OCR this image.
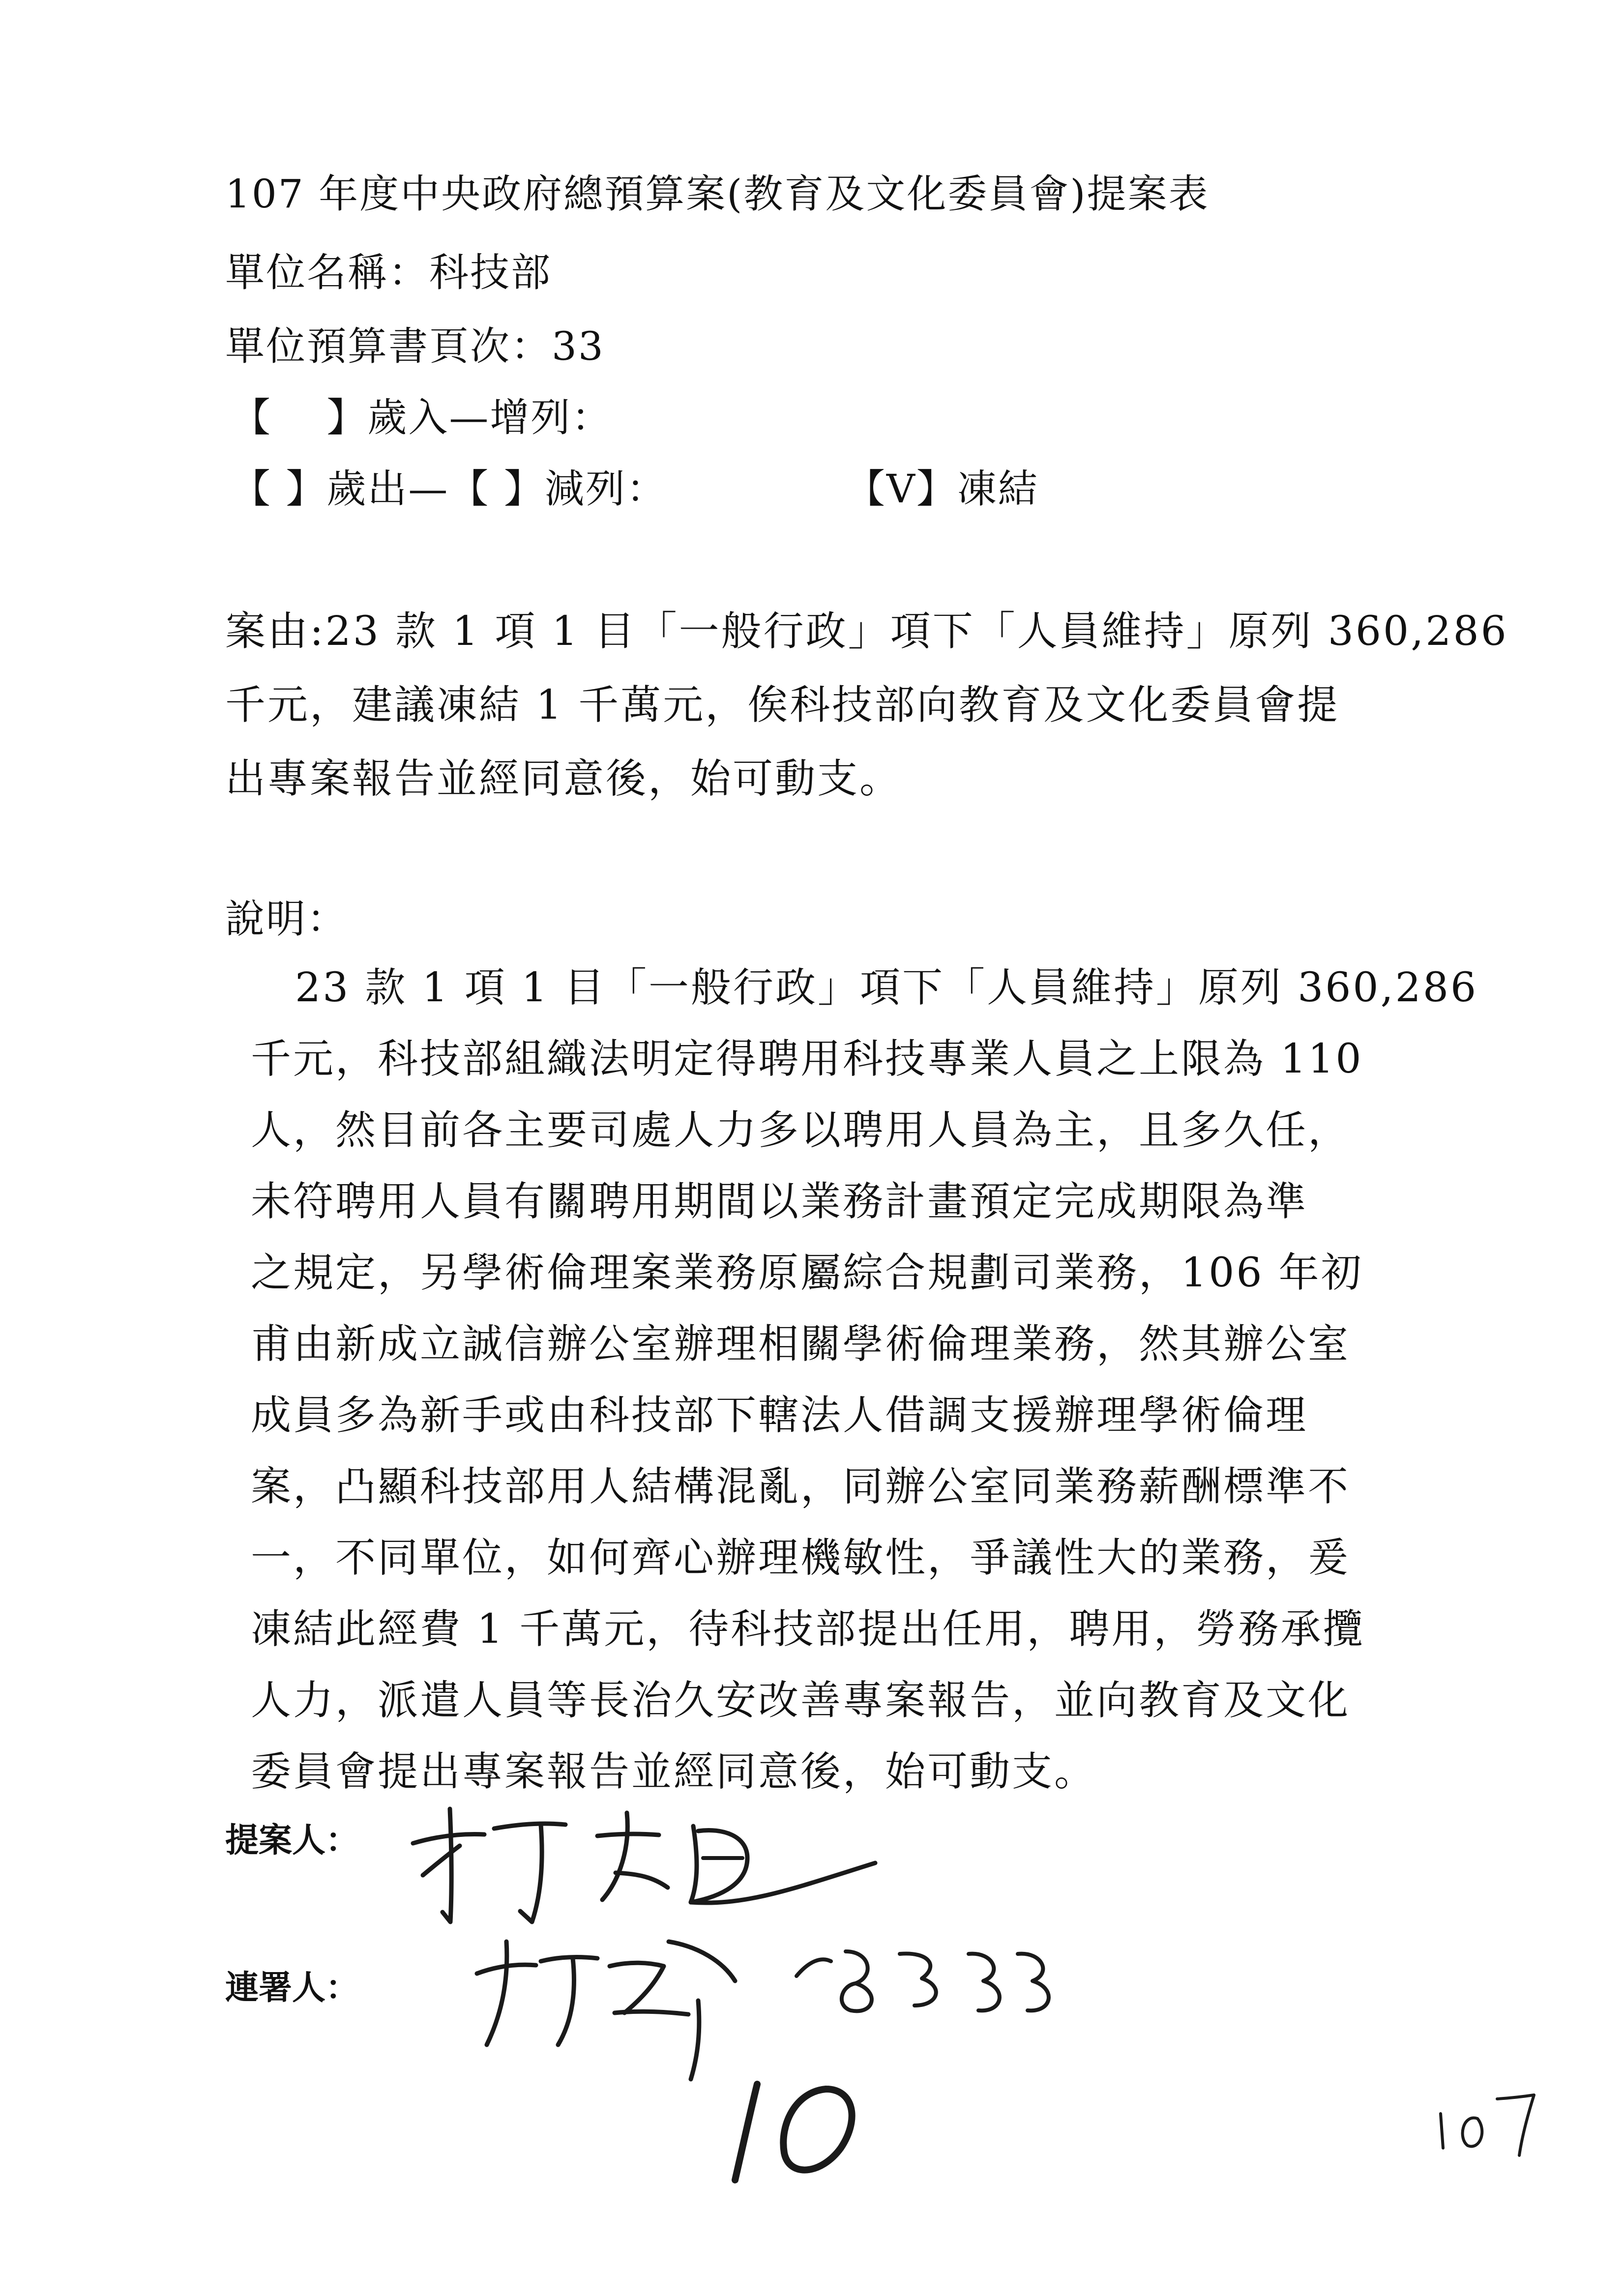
107 年度中央政府總預算案(教育及文化委員會)提案表
單位名稱：科技部
單位預算書頁次：33
【　 】歲入—增列：
【 】歲出—【 】減列：	【V】凍結
案由:23 款 1 項 1 目「一般行政」項下「人員維持」原列 360,286
千元，建議凍結 1 千萬元，俟科技部向教育及文化委員會提
出專案報告並經同意後，始可動支。
說明：
23 款 1 項 1 目「一般行政」項下「人員維持」原列 360,286
千元，科技部組織法明定得聘用科技專業人員之上限為 110
人，然目前各主要司處人力多以聘用人員為主，且多久任，
未符聘用人員有關聘用期間以業務計畫預定完成期限為準
之規定，另學術倫理案業務原屬綜合規劃司業務，106 年初
甫由新成立誠信辦公室辦理相關學術倫理業務，然其辦公室
成員多為新手或由科技部下轄法人借調支援辦理學術倫理
案，凸顯科技部用人結構混亂，同辦公室同業務薪酬標準不
一，不同單位，如何齊心辦理機敏性，爭議性大的業務，爰
凍結此經費 1 千萬元，待科技部提出任用，聘用，勞務承攬
人力，派遣人員等長治久安改善專案報告，並向教育及文化
委員會提出專案報告並經同意後，始可動支。
提案人：
連署人：
